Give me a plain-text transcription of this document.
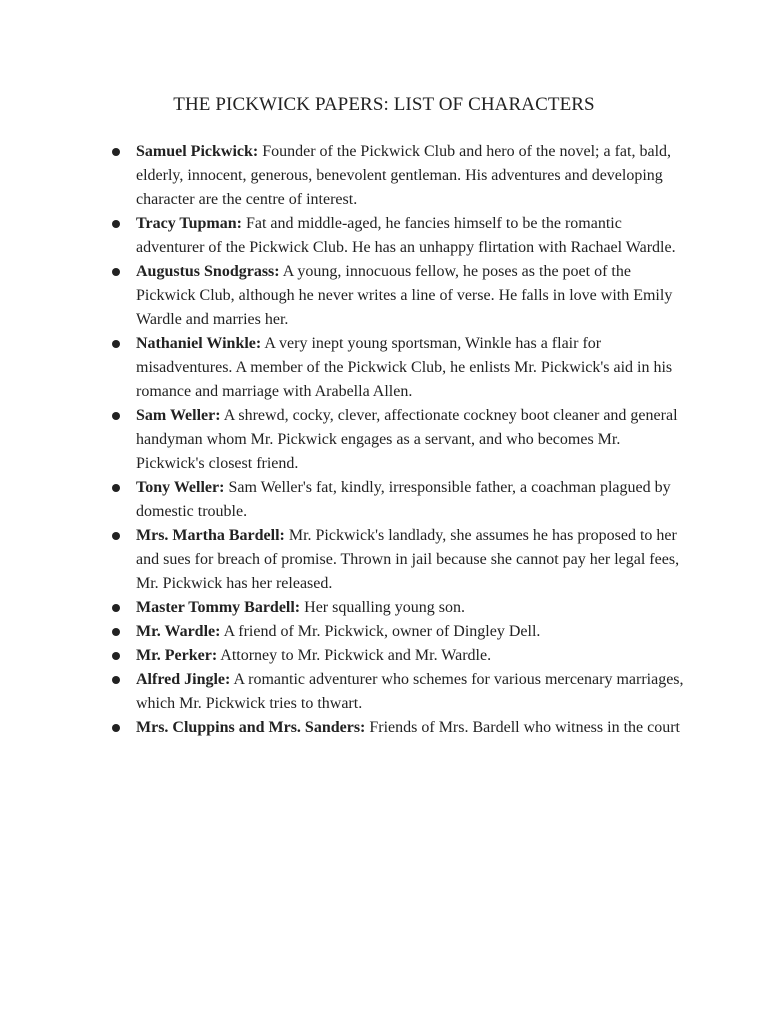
THE PICKWICK PAPERS: LIST OF CHARACTERS
Samuel Pickwick: Founder of the Pickwick Club and hero of the novel; a fat, bald, elderly, innocent, generous, benevolent gentleman. His adventures and developing character are the centre of interest.
Tracy Tupman: Fat and middle-aged, he fancies himself to be the romantic adventurer of the Pickwick Club. He has an unhappy flirtation with Rachael Wardle.
Augustus Snodgrass: A young, innocuous fellow, he poses as the poet of the Pickwick Club, although he never writes a line of verse. He falls in love with Emily Wardle and marries her.
Nathaniel Winkle: A very inept young sportsman, Winkle has a flair for misadventures. A member of the Pickwick Club, he enlists Mr. Pickwick's aid in his romance and marriage with Arabella Allen.
Sam Weller: A shrewd, cocky, clever, affectionate cockney boot cleaner and general handyman whom Mr. Pickwick engages as a servant, and who becomes Mr. Pickwick's closest friend.
Tony Weller: Sam Weller's fat, kindly, irresponsible father, a coachman plagued by domestic trouble.
Mrs. Martha Bardell: Mr. Pickwick's landlady, she assumes he has proposed to her and sues for breach of promise. Thrown in jail because she cannot pay her legal fees, Mr. Pickwick has her released.
Master Tommy Bardell: Her squalling young son.
Mr. Wardle: A friend of Mr. Pickwick, owner of Dingley Dell.
Mr. Perker: Attorney to Mr. Pickwick and Mr. Wardle.
Alfred Jingle: A romantic adventurer who schemes for various mercenary marriages, which Mr. Pickwick tries to thwart.
Mrs. Cluppins and Mrs. Sanders: Friends of Mrs. Bardell who witness in the court
